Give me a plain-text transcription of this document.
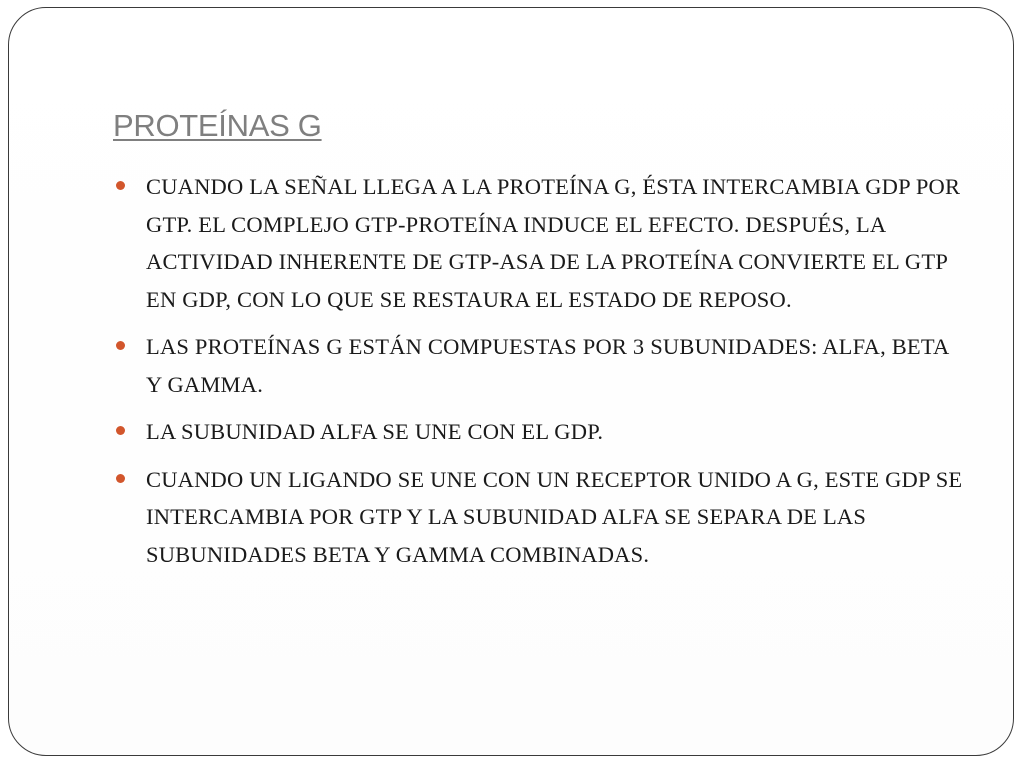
PROTEÍNAS G
CUANDO LA SEÑAL LLEGA A LA PROTEÍNA G, ÉSTA INTERCAMBIA GDP POR GTP. EL COMPLEJO GTP-PROTEÍNA INDUCE EL EFECTO. DESPUÉS, LA ACTIVIDAD INHERENTE DE GTP-ASA DE LA PROTEÍNA CONVIERTE EL GTP EN GDP, CON LO QUE SE RESTAURA EL ESTADO DE REPOSO.
LAS PROTEÍNAS G ESTÁN COMPUESTAS POR 3 SUBUNIDADES: ALFA, BETA Y GAMMA.
LA SUBUNIDAD ALFA SE UNE CON EL GDP.
CUANDO UN LIGANDO SE UNE CON UN RECEPTOR UNIDO A G, ESTE GDP SE INTERCAMBIA POR GTP Y LA SUBUNIDAD ALFA SE SEPARA DE LAS SUBUNIDADES BETA Y GAMMA COMBINADAS.
